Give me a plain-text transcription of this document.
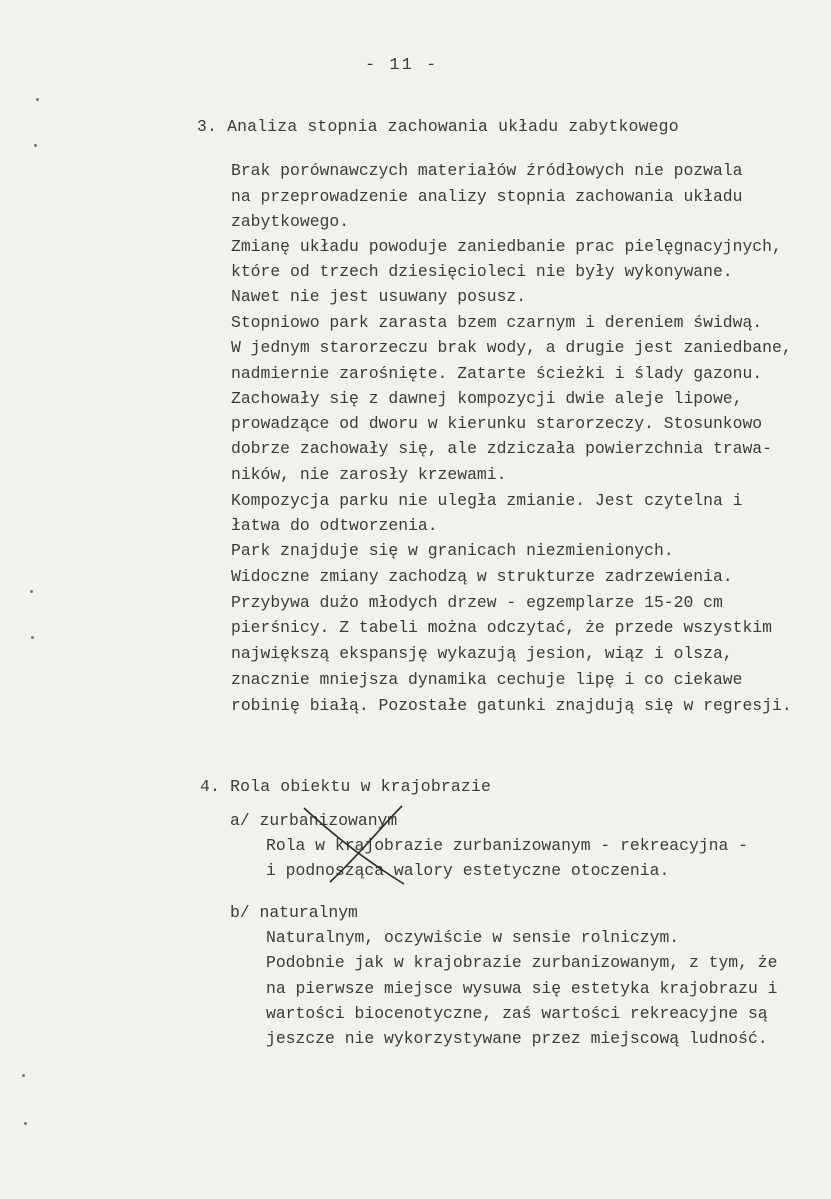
- 11 -
3. Analiza stopnia zachowania układu zabytkowego
Brak porównawczych materiałów źródłowych nie pozwala
na przeprowadzenie analizy stopnia zachowania układu
zabytkowego.
Zmianę układu powoduje zaniedbanie prac pielęgnacyjnych,
które od trzech dziesięcioleci nie były wykonywane.
Nawet nie jest usuwany posusz.
Stopniowo park zarasta bzem czarnym i dereniem świdwą.
W jednym starorzeczu brak wody, a drugie jest zaniedbane,
nadmiernie zarośnięte. Zatarte ścieżki i ślady gazonu.
Zachowały się z dawnej kompozycji dwie aleje lipowe,
prowadzące od dworu w kierunku starorzeczy. Stosunkowo
dobrze zachowały się, ale zdziczała powierzchnia trawa-
ników, nie zarosły krzewami.
Kompozycja parku nie uległa zmianie. Jest czytelna i
łatwa do odtworzenia.
Park znajduje się w granicach niezmienionych.
Widoczne zmiany zachodzą w strukturze zadrzewienia.
Przybywa dużo młodych drzew - egzemplarze 15-20 cm
pierśnicy. Z tabeli można odczytać, że przede wszystkim
największą ekspansję wykazują jesion, wiąz i olsza,
znacznie mniejsza dynamika cechuje lipę i co ciekawe
robinię białą. Pozostałe gatunki znajdują się w regresji.
4. Rola obiektu w krajobrazie
a/ zurbanizowanym
Rola w krajobrazie zurbanizowanym - rekreacyjna -
i podnosząca walory estetyczne otoczenia.
b/ naturalnym
Naturalnym, oczywiście w sensie rolniczym.
Podobnie jak w krajobrazie zurbanizowanym, z tym, że
na pierwsze miejsce wysuwa się estetyka krajobrazu i
wartości biocenotyczne, zaś wartości rekreacyjne są
jeszcze nie wykorzystywane przez miejscową ludność.
